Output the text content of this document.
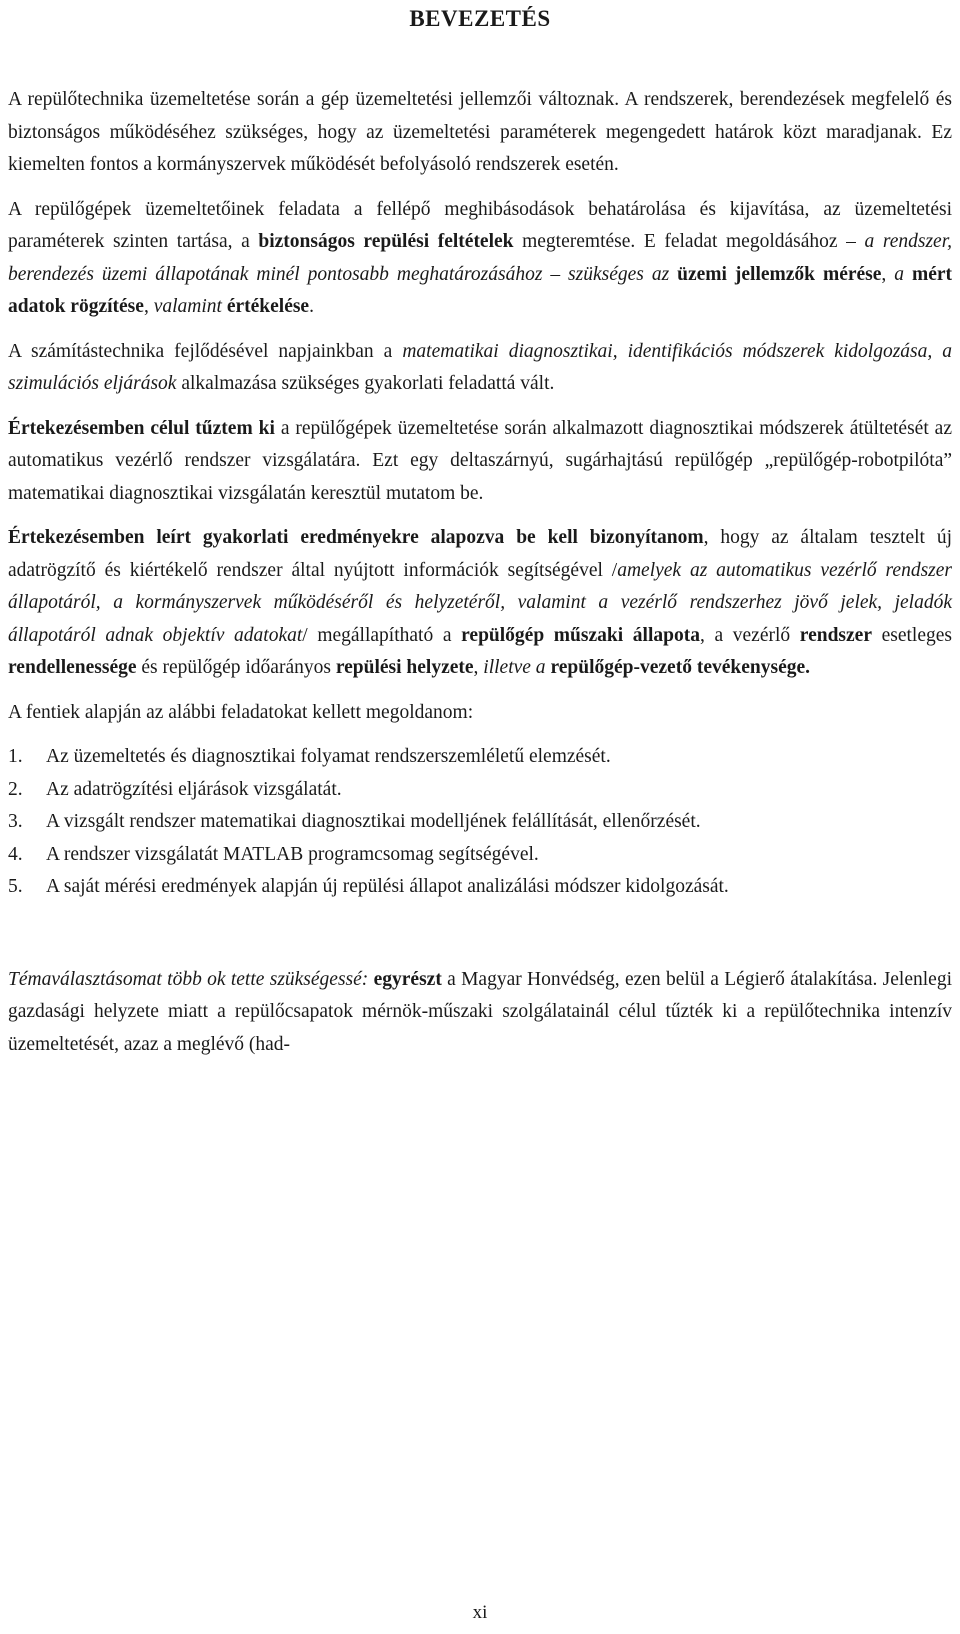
BEVEZETÉS

A repülőtechnika üzemeltetése során a gép üzemeltetési jellemzői változnak. A rendszerek, berendezések megfelelő és biztonságos működéséhez szükséges, hogy az üzemeltetési paraméterek megengedett határok közt maradjanak. Ez kiemelten fontos a kormányszervek működését befolyásoló rendszerek esetén.

A repülőgépek üzemeltetőinek feladata a fellépő meghibásodások behatárolása és kijavítása, az üzemeltetési paraméterek szinten tartása, a biztonságos repülési feltételek megteremtése. E feladat megoldásához – a rendszer, berendezés üzemi állapotának minél pontosabb meghatározásához – szükséges az üzemi jellemzők mérése, a mért adatok rögzítése, valamint értékelése.

A számítástechnika fejlődésével napjainkban a matematikai diagnosztikai, identifikációs módszerek kidolgozása, a szimulációs eljárások alkalmazása szükséges gyakorlati feladattá vált.

Értekezésemben célul tűztem ki a repülőgépek üzemeltetése során alkalmazott diagnosztikai módszerek átültetését az automatikus vezérlő rendszer vizsgálatára. Ezt egy deltaszárnyú, sugárhajtású repülőgép „repülőgép-robotpilóta” matematikai diagnosztikai vizsgálatán keresztül mutatom be.

Értekezésemben leírt gyakorlati eredményekre alapozva be kell bizonyítanom, hogy az általam tesztelt új adatrögzítő és kiértékelő rendszer által nyújtott információk segítségével /amelyek az automatikus vezérlő rendszer állapotáról, a kormányszervek működéséről és helyzetéről, valamint a vezérlő rendszerhez jövő jelek, jeladók állapotáról adnak objektív adatokat/ megállapítható a repülőgép műszaki állapota, a vezérlő rendszer esetleges rendellenessége és repülőgép időarányos repülési helyzete, illetve a repülőgép-vezető tevékenysége.

A fentiek alapján az alábbi feladatokat kellett megoldanom:

1. Az üzemeltetés és diagnosztikai folyamat rendszerszemléletű elemzését.
2. Az adatrögzítési eljárások vizsgálatát.
3. A vizsgált rendszer matematikai diagnosztikai modelljének felállítását, ellenőrzését.
4. A rendszer vizsgálatát MATLAB programcsomag segítségével.
5. A saját mérési eredmények alapján új repülési állapot analizálási módszer kidolgozását.

Témaválasztásomat több ok tette szükségessé: egyrészt a Magyar Honvédség, ezen belül a Légierő átalakítása. Jelenlegi gazdasági helyzete miatt a repülőcsapatok mérnök-műszaki szolgálatainál célul tűzték ki a repülőtechnika intenzív üzemeltetését, azaz a meglévő (had-

xi
